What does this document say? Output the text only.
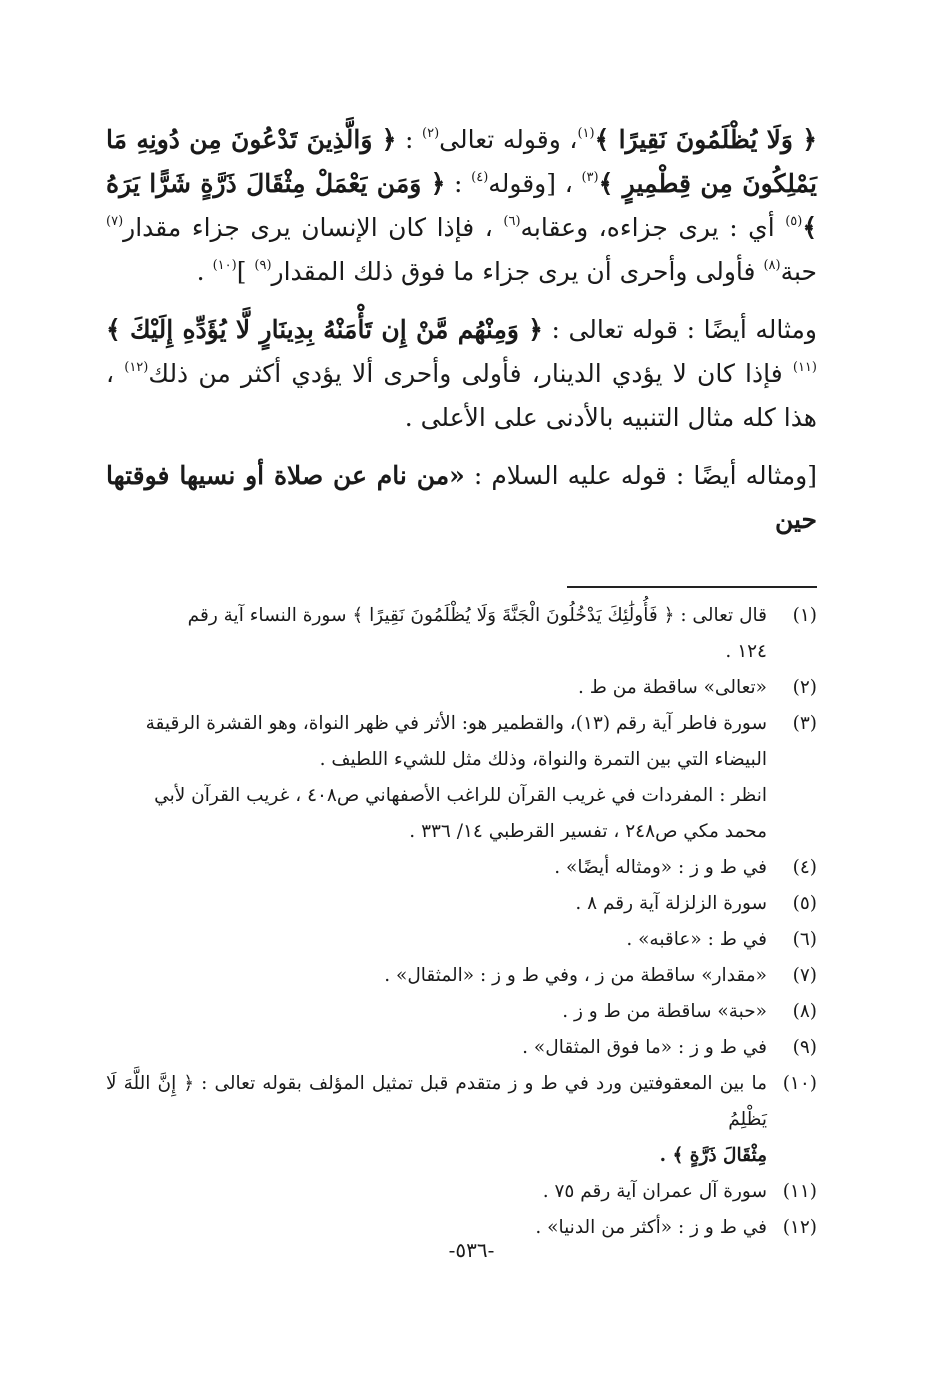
﴿ وَلَا يُظْلَمُونَ نَقِيرًا ﴾$^{(١)}$، وقوله تعالى$^{(٢)}$ : ﴿ وَالَّذِينَ تَدْعُونَ مِن دُونِهِ مَا يَمْلِكُونَ مِن قِطْمِيرٍ ﴾$^{(٣)}$ ، [وقوله$^{(٤)}$ : ﴿ وَمَن يَعْمَلْ مِثْقَالَ ذَرَّةٍ شَرًّا يَرَهُ ﴾$^{(٥)}$ أي : يرى جزاءه، وعقابه$^{(٦)}$ ، فإذا كان الإنسان يرى جزاء مقدار$^{(٧)}$ حبة$^{(٨)}$ فأولى وأحرى أن يرى جزاء ما فوق ذلك المقدار$^{(٩)}$ ]$^{(١٠)}$ .

ومثاله أيضًا : قوله تعالى : ﴿ وَمِنْهُم مَّنْ إِن تَأْمَنْهُ بِدِينَارٍ لَّا يُؤَدِّهِ إِلَيْكَ ﴾$^{(١١)}$ فإذا كان لا يؤدي الدينار، فأولى وأحرى ألا يؤدي أكثر من ذلك$^{(١٢)}$ ، هذا كله مثال التنبيه بالأدنى على الأعلى .

[ومثاله أيضًا : قوله عليه السلام : «من نام عن صلاة أو نسيها فوقتها حين

(١)
قال تعالى : ﴿ فَأُولَٰئِكَ يَدْخُلُونَ الْجَنَّةَ وَلَا يُظْلَمُونَ نَقِيرًا ﴾ سورة النساء آية رقم
١٢٤ .
(٢)
«تعالى» ساقطة من ط .
(٣)
سورة فاطر آية رقم (١٣)، والقطمير هو: الأثر في ظهر النواة، وهو القشرة الرقيقة
البيضاء التي بين التمرة والنواة، وذلك مثل للشيء اللطيف .
انظر : المفردات في غريب القرآن للراغب الأصفهاني ص٤٠٨ ، غريب القرآن لأبي
محمد مكي ص٢٤٨ ، تفسير القرطبي ١٤/ ٣٣٦ .
(٤)
في ط و ز : «ومثاله أيضًا» .
(٥)
سورة الزلزلة آية رقم ٨ .
(٦)
في ط : «عاقبه» .
(٧)
«مقدار» ساقطة من ز ، وفي ط و ز : «المثقال» .
(٨)
«حبة» ساقطة من ط و ز .
(٩)
في ط و ز : «ما فوق المثقال» .
(١٠)
ما بين المعقوفتين ورد في ط و ز متقدم قبل تمثيل المؤلف بقوله تعالى : ﴿ إِنَّ اللَّهَ لَا يَظْلِمُ
مِثْقَالَ ذَرَّةٍ ﴾ .
(١١)
سورة آل عمران آية رقم ٧٥ .
(١٢)
في ط و ز : «أكثر من الدنيا» .
-٥٣٦-
